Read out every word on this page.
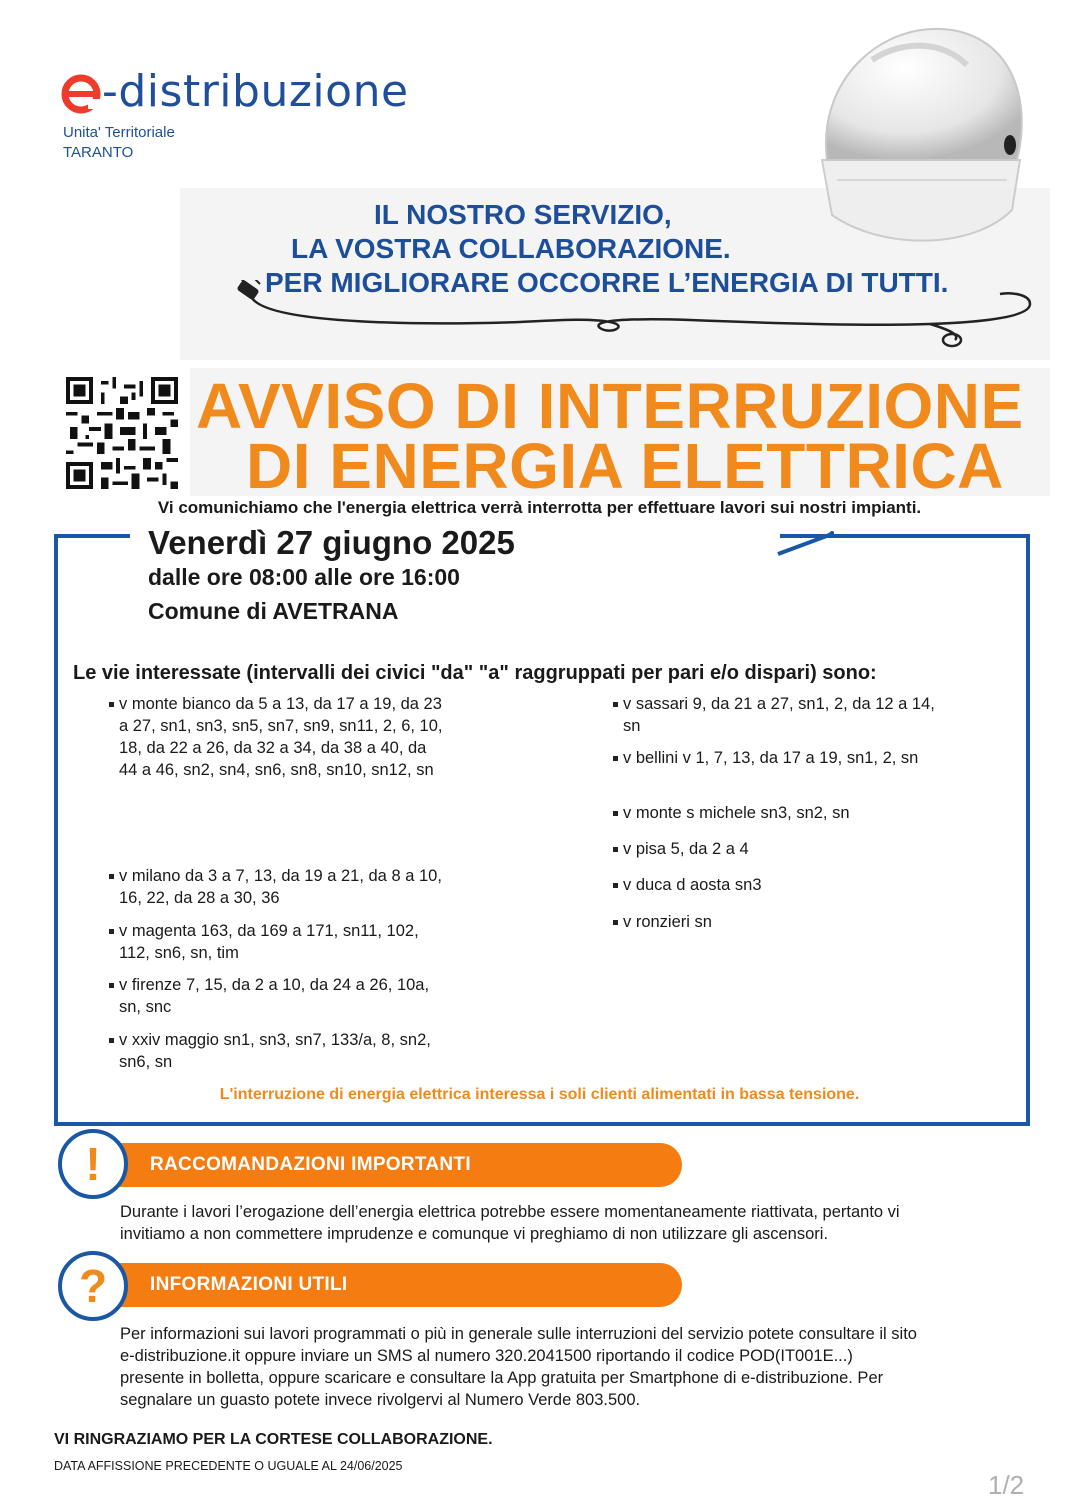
-distribuzione
Unita' Territoriale
TARANTO
IL NOSTRO SERVIZIO,
LA VOSTRA COLLABORAZIONE.
PER MIGLIORARE OCCORRE L’ENERGIA DI TUTTI.
AVVISO DI INTERRUZIONE
DI ENERGIA ELETTRICA
Vi comunichiamo che l'energia elettrica verrà interrotta per effettuare lavori sui nostri impianti.
Venerdì 27 giugno 2025
dalle ore 08:00 alle ore 16:00
Comune di AVETRANA
Le vie interessate (intervalli dei civici "da" "a" raggruppati per pari e/o dispari) sono:
v monte bianco da 5 a 13, da 17 a 19, da 23
a 27, sn1, sn3, sn5, sn7, sn9, sn11, 2, 6, 10,
18, da 22 a 26, da 32 a 34, da 38 a 40, da
44 a 46, sn2, sn4, sn6, sn8, sn10, sn12, sn
v milano da 3 a 7, 13, da 19 a 21, da 8 a 10,
16, 22, da 28 a 30, 36
v magenta 163, da 169 a 171, sn11, 102,
112, sn6, sn, tim
v firenze 7, 15, da 2 a 10, da 24 a 26, 10a,
sn, snc
v xxiv maggio sn1, sn3, sn7, 133/a, 8, sn2,
sn6, sn
v sassari 9, da 21 a 27, sn1, 2, da 12 a 14,
sn
v bellini v 1, 7, 13, da 17 a 19, sn1, 2, sn
v monte s michele sn3, sn2, sn
v pisa 5, da 2 a 4
v duca d aosta sn3
v ronzieri sn
L'interruzione di energia elettrica interessa i soli clienti alimentati in bassa tensione.
RACCOMANDAZIONI IMPORTANTI
!
Durante i lavori l’erogazione dell’energia elettrica potrebbe essere momentaneamente riattivata, pertanto vi
invitiamo a non commettere imprudenze e comunque vi preghiamo di non utilizzare gli ascensori.
INFORMAZIONI UTILI
?
Per informazioni sui lavori programmati o più in generale sulle interruzioni del servizio potete consultare il sito
e-distribuzione.it oppure inviare un SMS al numero 320.2041500 riportando il codice POD(IT001E...)
presente in bolletta, oppure scaricare e consultare la App gratuita per Smartphone di e-distribuzione. Per
segnalare un guasto potete invece rivolgervi al Numero Verde 803.500.
VI RINGRAZIAMO PER LA CORTESE COLLABORAZIONE.
DATA AFFISSIONE PRECEDENTE O UGUALE AL 24/06/2025
1/2
